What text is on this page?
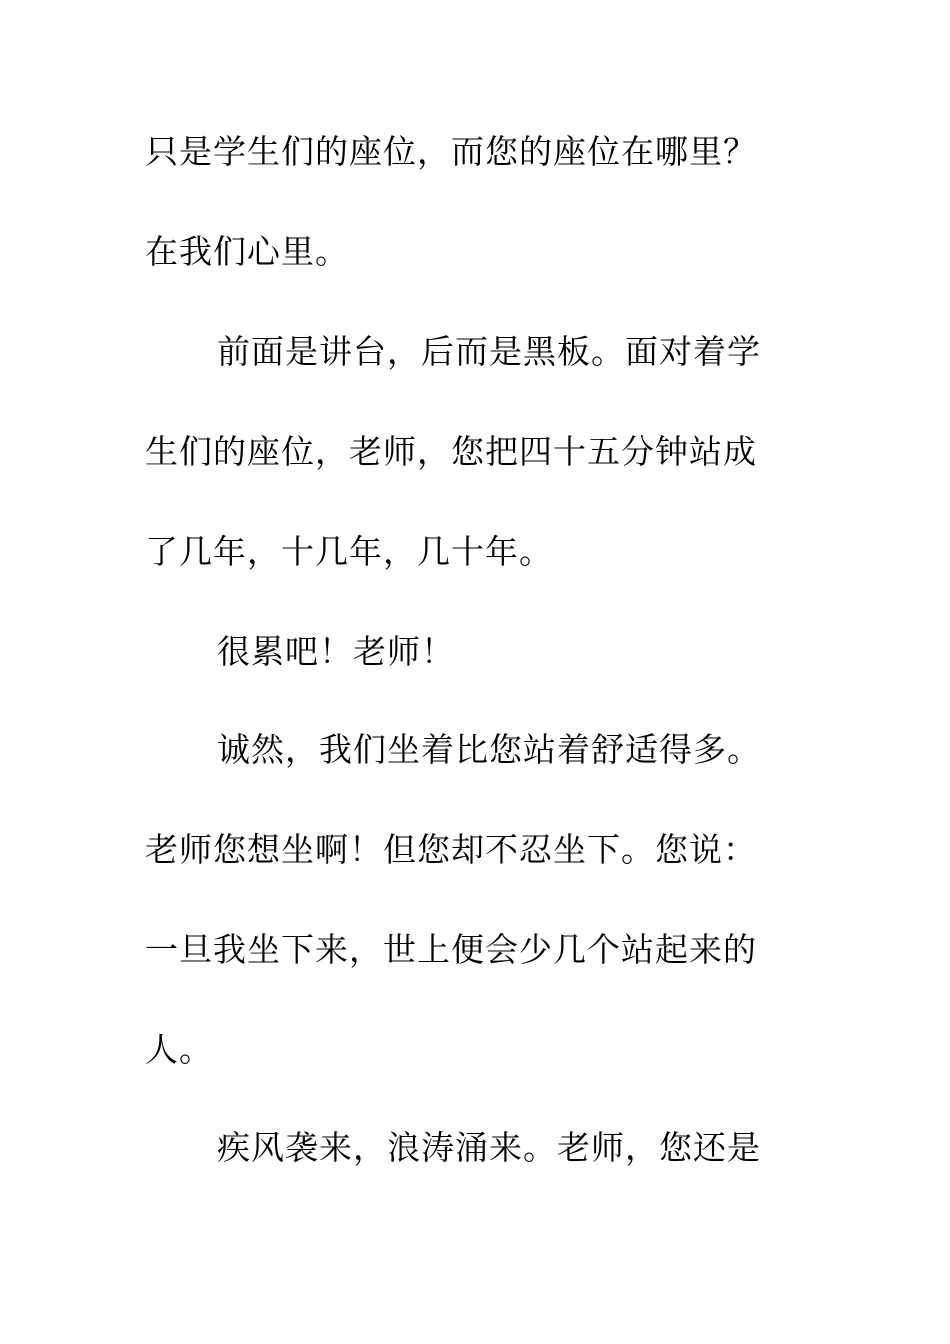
只是学生们的座位，而您的座位在哪里？
在我们心里。
前面是讲台，后而是黑板。面对着学
生们的座位，老师，您把四十五分钟站成
了几年，十几年，几十年。
很累吧！老师！
诚然，我们坐着比您站着舒适得多。
老师您想坐啊！但您却不忍坐下。您说：
一旦我坐下来，世上便会少几个站起来的
人。
疾风袭来，浪涛涌来。老师，您还是
